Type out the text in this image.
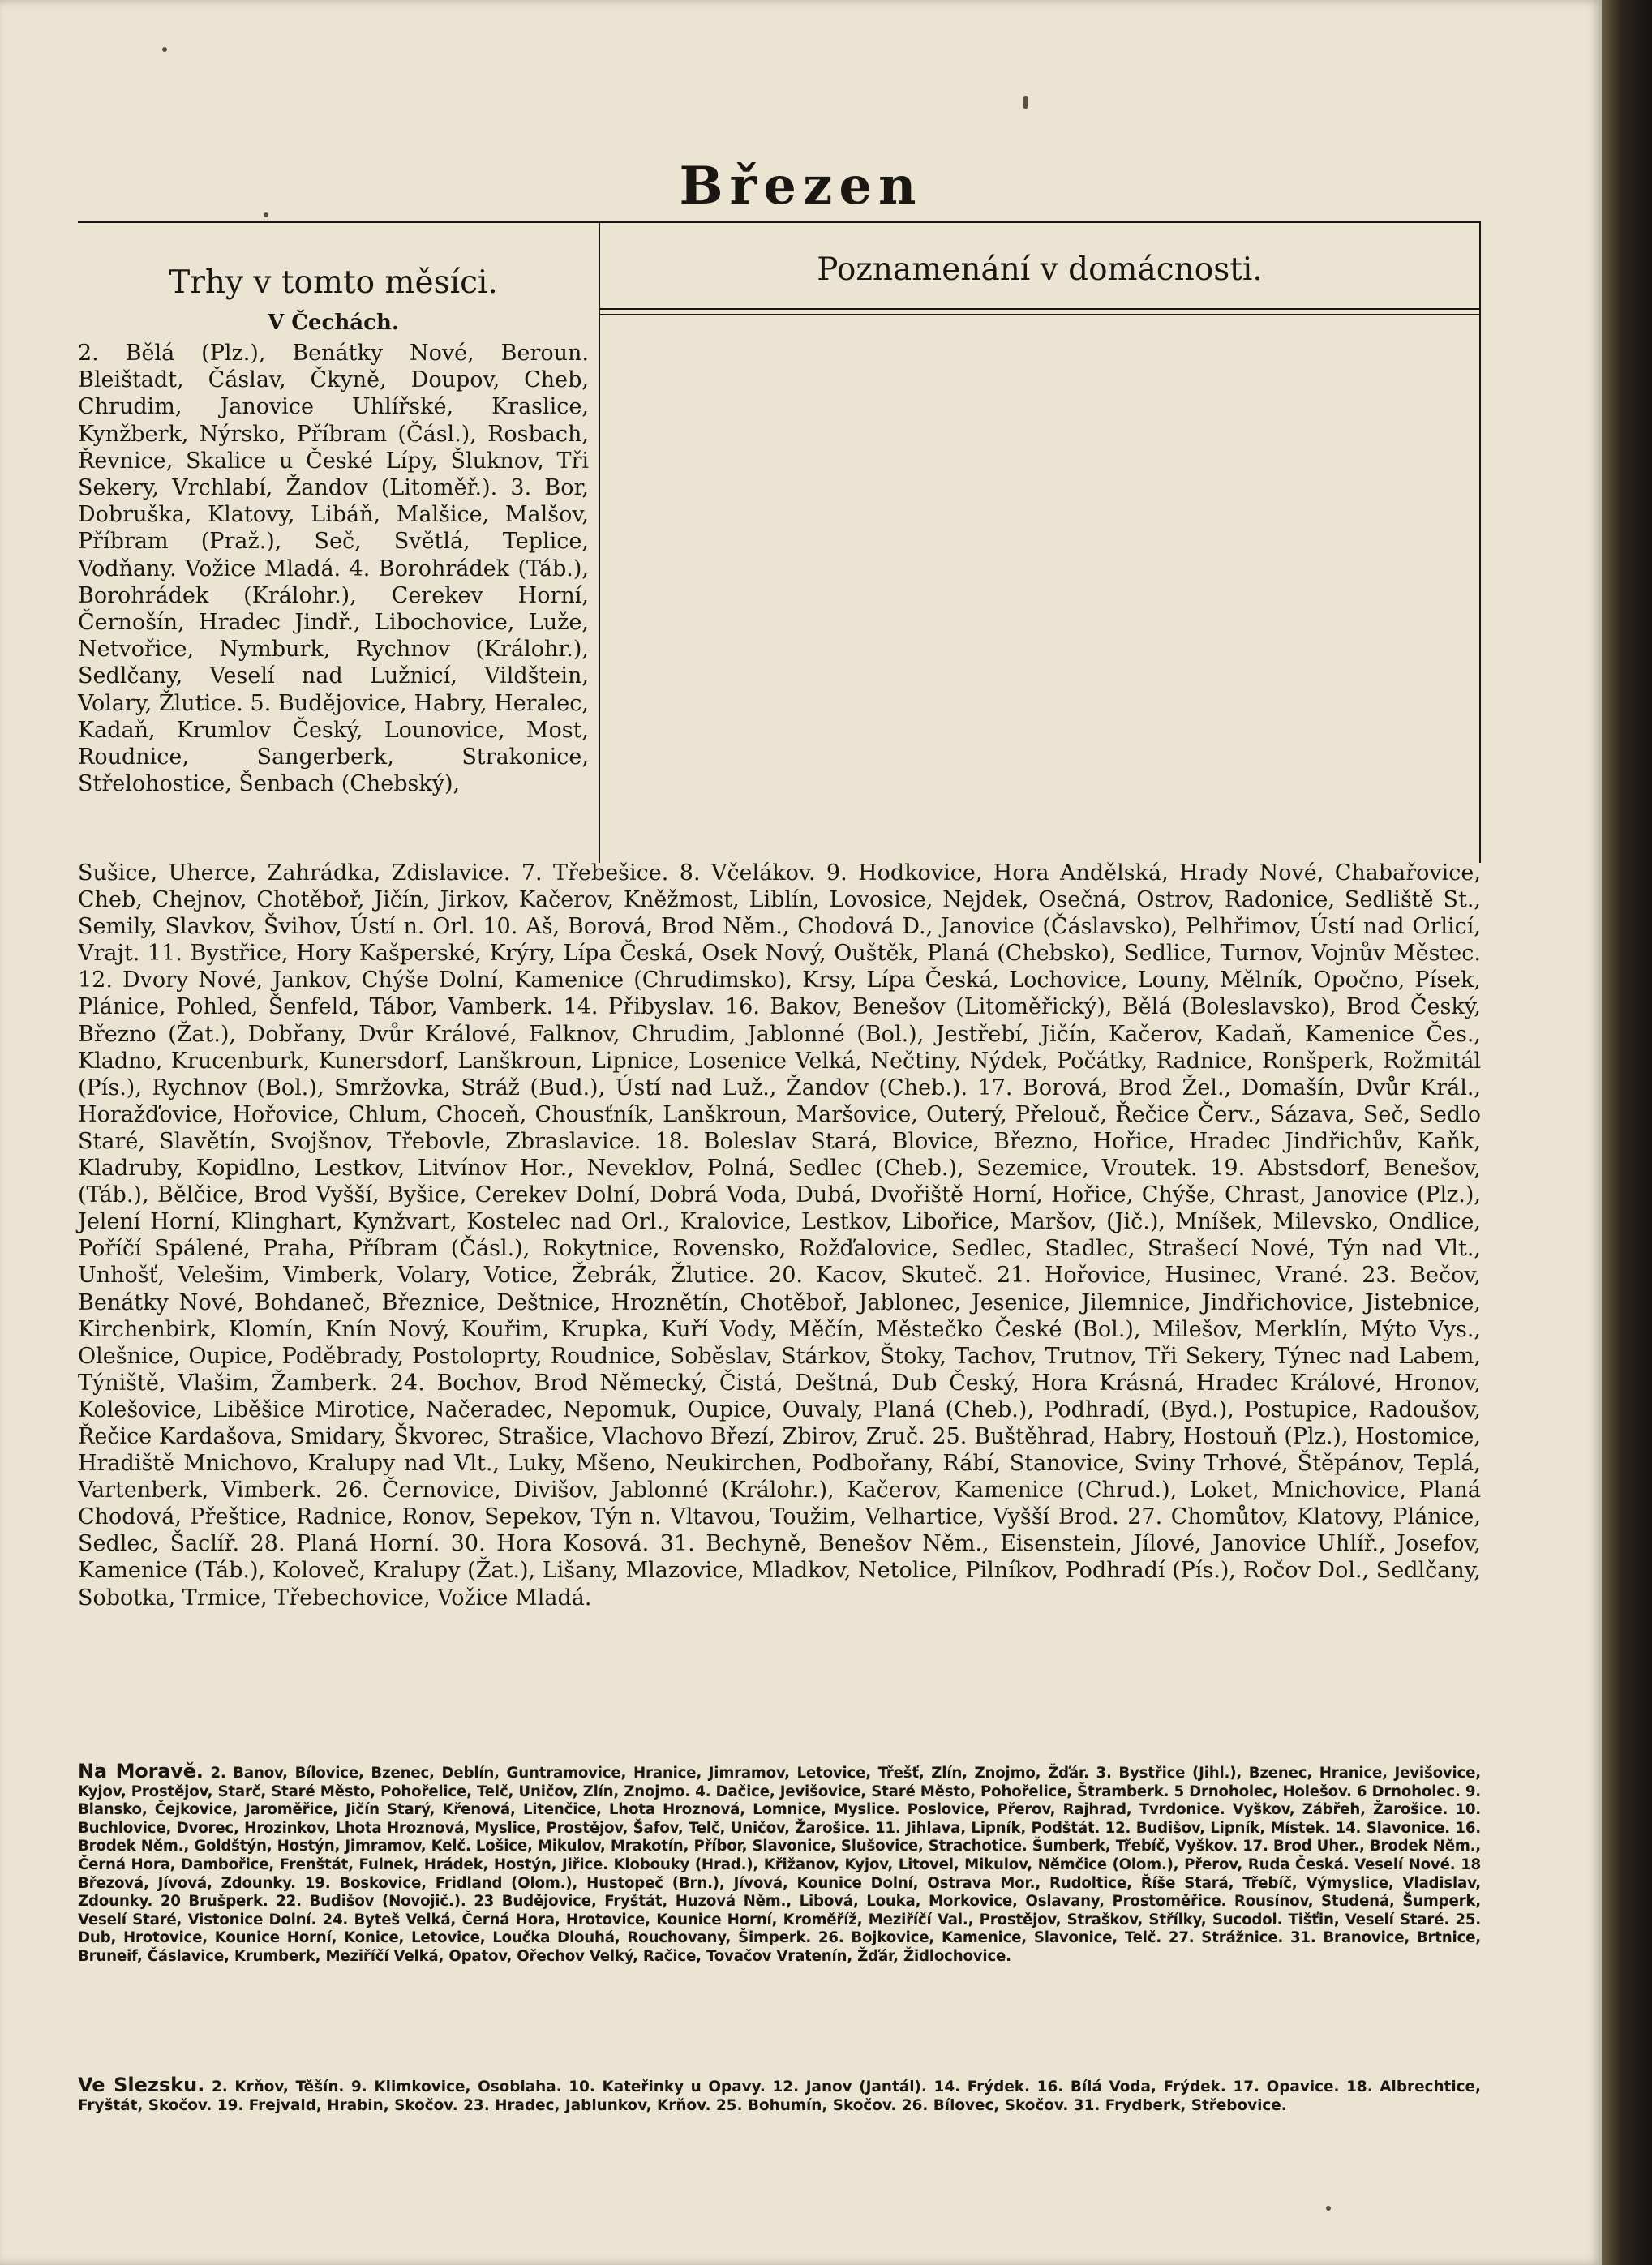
Březen
Trhy v tomto měsíci.
V Čechách.
2. Bělá (Plz.), Benátky Nové, Beroun. Bleištadt, Čáslav, Čkyně, Doupov, Cheb, Chrudim, Janovice Uhlířské, Kraslice, Kynžberk, Nýrsko, Příbram (Čásl.), Rosbach, Řevnice, Skalice u České Lípy, Šluknov, Tři Sekery, Vrchlabí, Žandov (Litoměř.). 3. Bor, Dobruška, Klatovy, Libáň, Malšice, Malšov, Příbram (Praž.), Seč, Světlá, Teplice, Vodňany. Vožice Mladá. 4. Borohrádek (Táb.), Borohrádek (Králohr.), Cerekev Horní, Černošín, Hradec Jindř., Libochovice, Luže, Netvořice, Nymburk, Rychnov (Králohr.), Sedlčany, Veselí nad Lužnicí, Vildštein, Volary, Žlutice. 5. Budějovice, Habry, Heralec, Kadaň, Krumlov Český, Lounovice, Most, Roudnice, Sangerberk, Strakonice, Střelohostice, Šenbach (Chebský),
Poznamenání v domácnosti.
Sušice, Uherce, Zahrádka, Zdislavice. 7. Třebešice. 8. Včelákov. 9. Hodkovice, Hora Andělská, Hrady Nové, Chabařovice, Cheb, Chejnov, Chotěboř, Jičín, Jirkov, Kačerov, Kněžmost, Liblín, Lovosice, Nejdek, Osečná, Ostrov, Radonice, Sedliště St., Semily, Slavkov, Švihov, Ústí n. Orl. 10. Aš, Borová, Brod Něm., Chodová D., Janovice (Čáslavsko), Pelhřimov, Ústí nad Orlicí, Vrajt. 11. Bystřice, Hory Kašperské, Krýry, Lípa Česká, Osek Nový, Ouštěk, Planá (Chebsko), Sedlice, Turnov, Vojnův Městec. 12. Dvory Nové, Jankov, Chýše Dolní, Kamenice (Chrudimsko), Krsy, Lípa Česká, Lochovice, Louny, Mělník, Opočno, Písek, Plánice, Pohled, Šenfeld, Tábor, Vamberk. 14. Přibyslav. 16. Bakov, Benešov (Litoměřický), Bělá (Boleslavsko), Brod Český, Březno (Žat.), Dobřany, Dvůr Králové, Falknov, Chrudim, Jablonné (Bol.), Jestřebí, Jičín, Kačerov, Kadaň, Kamenice Čes., Kladno, Krucenburk, Kunersdorf, Lanškroun, Lipnice, Losenice Velká, Nečtiny, Nýdek, Počátky, Radnice, Ronšperk, Rožmitál (Pís.), Rychnov (Bol.), Smržovka, Stráž (Bud.), Ústí nad Luž., Žandov (Cheb.). 17. Borová, Brod Žel., Domašín, Dvůr Král., Horažďovice, Hořovice, Chlum, Choceň, Chousťník, Lanškroun, Maršovice, Outerý, Přelouč, Řečice Červ., Sázava, Seč, Sedlo Staré, Slavětín, Svojšnov, Třebovle, Zbraslavice. 18. Boleslav Stará, Blovice, Březno, Hořice, Hradec Jindřichův, Kaňk, Kladruby, Kopidlno, Lestkov, Litvínov Hor., Neveklov, Polná, Sedlec (Cheb.), Sezemice, Vroutek. 19. Abstsdorf, Benešov, (Táb.), Bělčice, Brod Vyšší, Byšice, Cerekev Dolní, Dobrá Voda, Dubá, Dvořiště Horní, Hořice, Chýše, Chrast, Janovice (Plz.), Jelení Horní, Klinghart, Kynžvart, Kostelec nad Orl., Kralovice, Lestkov, Libořice, Maršov, (Jič.), Mníšek, Milevsko, Ondlice, Poříčí Spálené, Praha, Příbram (Čásl.), Rokytnice, Rovensko, Rožďalovice, Sedlec, Stadlec, Strašecí Nové, Týn nad Vlt., Unhošť, Velešim, Vimberk, Volary, Votice, Žebrák, Žlutice. 20. Kacov, Skuteč. 21. Hořovice, Husinec, Vrané. 23. Bečov, Benátky Nové, Bohdaneč, Březnice, Deštnice, Hroznětín, Chotěboř, Jablonec, Jesenice, Jilemnice, Jindřichovice, Jistebnice, Kirchenbirk, Klomín, Knín Nový, Kouřim, Krupka, Kuří Vody, Měčín, Městečko České (Bol.), Milešov, Merklín, Mýto Vys., Olešnice, Oupice, Poděbrady, Postoloprty, Roudnice, Soběslav, Stárkov, Štoky, Tachov, Trutnov, Tři Sekery, Týnec nad Labem, Týniště, Vlašim, Žamberk. 24. Bochov, Brod Německý, Čistá, Deštná, Dub Český, Hora Krásná, Hradec Králové, Hronov, Kolešovice, Liběšice Mirotice, Načeradec, Nepomuk, Oupice, Ouvaly, Planá (Cheb.), Podhradí, (Byd.), Postupice, Radoušov, Řečice Kardašova, Smidary, Škvorec, Strašice, Vlachovo Březí, Zbirov, Zruč. 25. Buštěhrad, Habry, Hostouň (Plz.), Hostomice, Hradiště Mnichovo, Kralupy nad Vlt., Luky, Mšeno, Neukirchen, Podbořany, Rábí, Stanovice, Sviny Trhové, Štěpánov, Teplá, Vartenberk, Vimberk. 26. Černovice, Divišov, Jablonné (Králohr.), Kačerov, Kamenice (Chrud.), Loket, Mnichovice, Planá Chodová, Přeštice, Radnice, Ronov, Sepekov, Týn n. Vltavou, Toužim, Velhartice, Vyšší Brod. 27. Chomůtov, Klatovy, Plánice, Sedlec, Šaclíř. 28. Planá Horní. 30. Hora Kosová. 31. Bechyně, Benešov Něm., Eisenstein, Jílové, Janovice Uhlíř., Josefov, Kamenice (Táb.), Koloveč, Kralupy (Žat.), Lišany, Mlazovice, Mladkov, Netolice, Pilníkov, Podhradí (Pís.), Ročov Dol., Sedlčany, Sobotka, Trmice, Třebechovice, Vožice Mladá.
Na Moravě. 2. Banov, Bílovice, Bzenec, Deblín, Guntramovice, Hranice, Jimramov, Letovice, Třešť, Zlín, Znojmo, Žďár. 3. Bystřice (Jihl.), Bzenec, Hranice, Jevišovice, Kyjov, Prostějov, Starč, Staré Město, Pohořelice, Telč, Uničov, Zlín, Znojmo. 4. Dačice, Jevišovice, Staré Město, Pohořelice, Štramberk. 5 Drnoholec, Holešov. 6 Drnoholec. 9. Blansko, Čejkovice, Jaroměřice, Jičín Starý, Křenová, Litenčice, Lhota Hroznová, Lomnice, Myslice. Poslovice, Přerov, Rajhrad, Tvrdonice. Vyškov, Zábřeh, Žarošice. 10. Buchlovice, Dvorec, Hrozinkov, Lhota Hroznová, Myslice, Prostějov, Šafov, Telč, Uničov, Žarošice. 11. Jihlava, Lipník, Podštát. 12. Budišov, Lipník, Místek. 14. Slavonice. 16. Brodek Něm., Goldštýn, Hostýn, Jimramov, Kelč. Lošice, Mikulov, Mrakotín, Příbor, Slavonice, Slušovice, Strachotice. Šumberk, Třebíč, Vyškov. 17. Brod Uher., Brodek Něm., Černá Hora, Dambořice, Frenštát, Fulnek, Hrádek, Hostýn, Jiřice. Klobouky (Hrad.), Křižanov, Kyjov, Litovel, Mikulov, Němčice (Olom.), Přerov, Ruda Česká. Veselí Nové. 18 Březová, Jívová, Zdounky. 19. Boskovice, Fridland (Olom.), Hustopeč (Brn.), Jívová, Kounice Dolní, Ostrava Mor., Rudoltice, Říše Stará, Třebíč, Výmyslice, Vladislav, Zdounky. 20 Brušperk. 22. Budišov (Novojič.). 23 Budějovice, Fryštát, Huzová Něm., Libová, Louka, Morkovice, Oslavany, Prostoměřice. Rousínov, Studená, Šumperk, Veselí Staré, Vistonice Dolní. 24. Byteš Velká, Černá Hora, Hrotovice, Kounice Horní, Kroměříž, Meziříčí Val., Prostějov, Straškov, Střílky, Sucodol. Tišťin, Veselí Staré. 25. Dub, Hrotovice, Kounice Horní, Konice, Letovice, Loučka Dlouhá, Rouchovany, Šimperk. 26. Bojkovice, Kamenice, Slavonice, Telč. 27. Strážnice. 31. Branovice, Brtnice, Bruneif, Čáslavice, Krumberk, Meziříčí Velká, Opatov, Ořechov Velký, Račice, Tovačov Vratenín, Žďár, Židlochovice.
Ve Slezsku. 2. Krňov, Těšín. 9. Klimkovice, Osoblaha. 10. Kateřinky u Opavy. 12. Janov (Jantál). 14. Frýdek. 16. Bílá Voda, Frýdek. 17. Opavice. 18. Albrechtice, Fryštát, Skočov. 19. Frejvald, Hrabin, Skočov. 23. Hradec, Jablunkov, Krňov. 25. Bohumín, Skočov. 26. Bílovec, Skočov. 31. Frydberk, Střebovice.
